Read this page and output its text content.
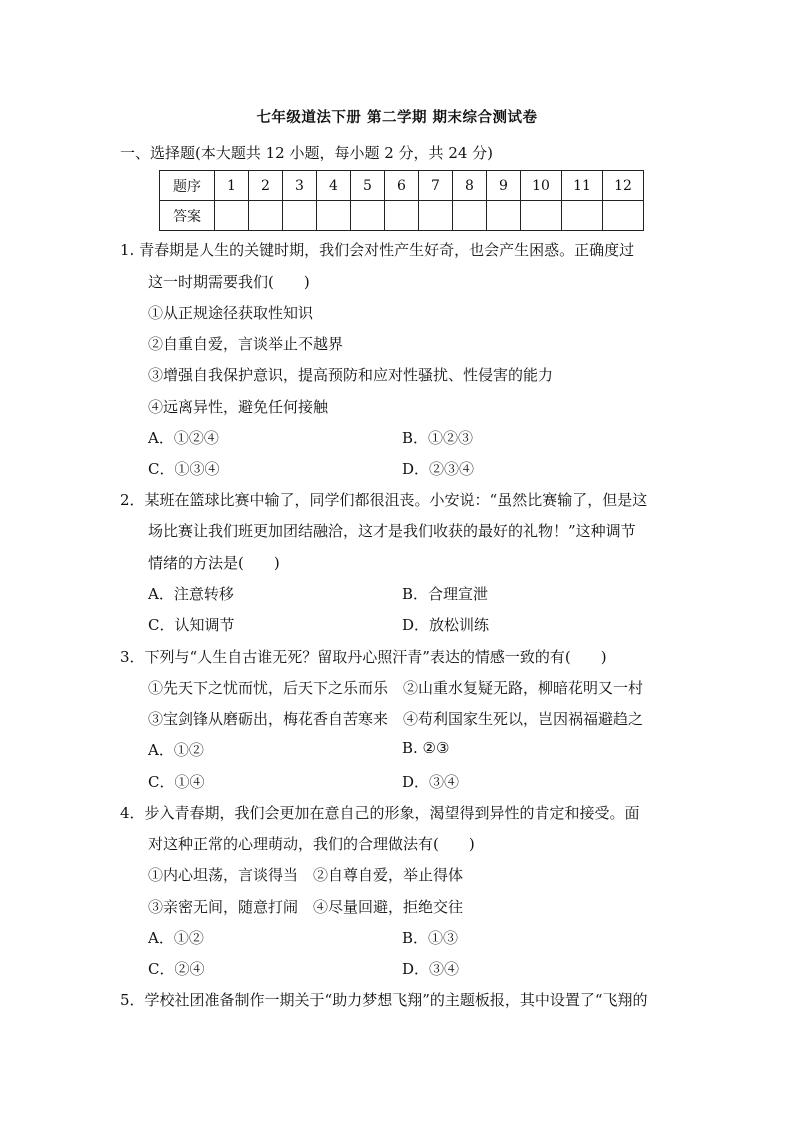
七年级道法下册 第二学期 期末综合测试卷
一、选择题(本大题共 12 小题，每小题 2 分，共 24 分)
题序	1	2	3	4	5	6	7	8	9	10	11	12
答案												
1. 青春期是人生的关键时期，我们会对性产生好奇，也会产生困惑。正确度过
这一时期需要我们(　　)
①从正规途径获取性知识
②自重自爱，言谈举止不越界
③增强自我保护意识，提高预防和应对性骚扰、性侵害的能力
④远离异性，避免任何接触
A．①②④	B．①②③
C．①③④	D．②③④
2．某班在篮球比赛中输了，同学们都很沮丧。小安说：“虽然比赛输了，但是这
场比赛让我们班更加团结融洽，这才是我们收获的最好的礼物！”这种调节
情绪的方法是(　　)
A．注意转移	B．合理宣泄
C．认知调节	D．放松训练
3．下列与“人生自古谁无死？留取丹心照汗青”表达的情感一致的有(　　)
①先天下之忧而忧，后天下之乐而乐　②山重水复疑无路，柳暗花明又一村
③宝剑锋从磨砺出，梅花香自苦寒来　④苟利国家生死以，岂因祸福避趋之
A．①②	B. ②③
C．①④	D．③④
4．步入青春期，我们会更加在意自己的形象，渴望得到异性的肯定和接受。面
对这种正常的心理萌动，我们的合理做法有(　　)
①内心坦荡，言谈得当　②自尊自爱，举止得体
③亲密无间，随意打闹　④尽量回避，拒绝交往
A．①②	B．①③
C．②④	D．③④
5．学校社团准备制作一期关于“助力梦想飞翔”的主题板报，其中设置了“飞翔的
